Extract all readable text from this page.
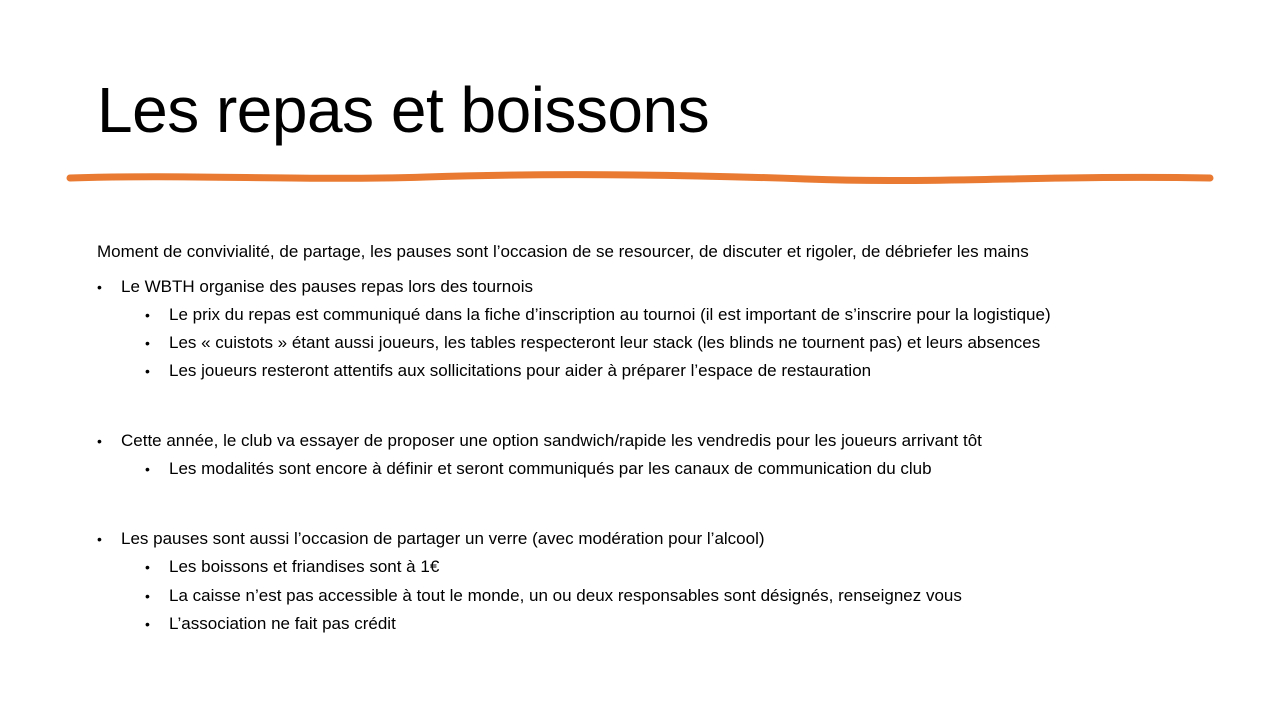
Les repas et boissons
Moment de convivialité, de partage, les pauses sont l’occasion de se resourcer, de discuter et rigoler, de débriefer les mains
•	Le WBTH organise des pauses repas lors des tournois
•	Le prix du repas est communiqué dans la fiche d’inscription au tournoi (il est important de s’inscrire pour la logistique)
•	Les « cuistots » étant aussi joueurs, les tables respecteront leur stack (les blinds ne tournent pas) et leurs absences
•	Les joueurs resteront attentifs aux sollicitations pour aider à préparer l’espace de restauration
•	Cette année, le club va essayer de proposer une option sandwich/rapide les vendredis pour les joueurs arrivant tôt
•	Les modalités sont encore à définir et seront communiqués par les canaux de communication du club
•	Les pauses sont aussi l’occasion de partager un verre (avec modération pour l’alcool)
•	Les boissons et friandises sont à 1€
•	La caisse n’est pas accessible à tout le monde, un ou deux responsables sont désignés, renseignez vous
•	L’association ne fait pas crédit
